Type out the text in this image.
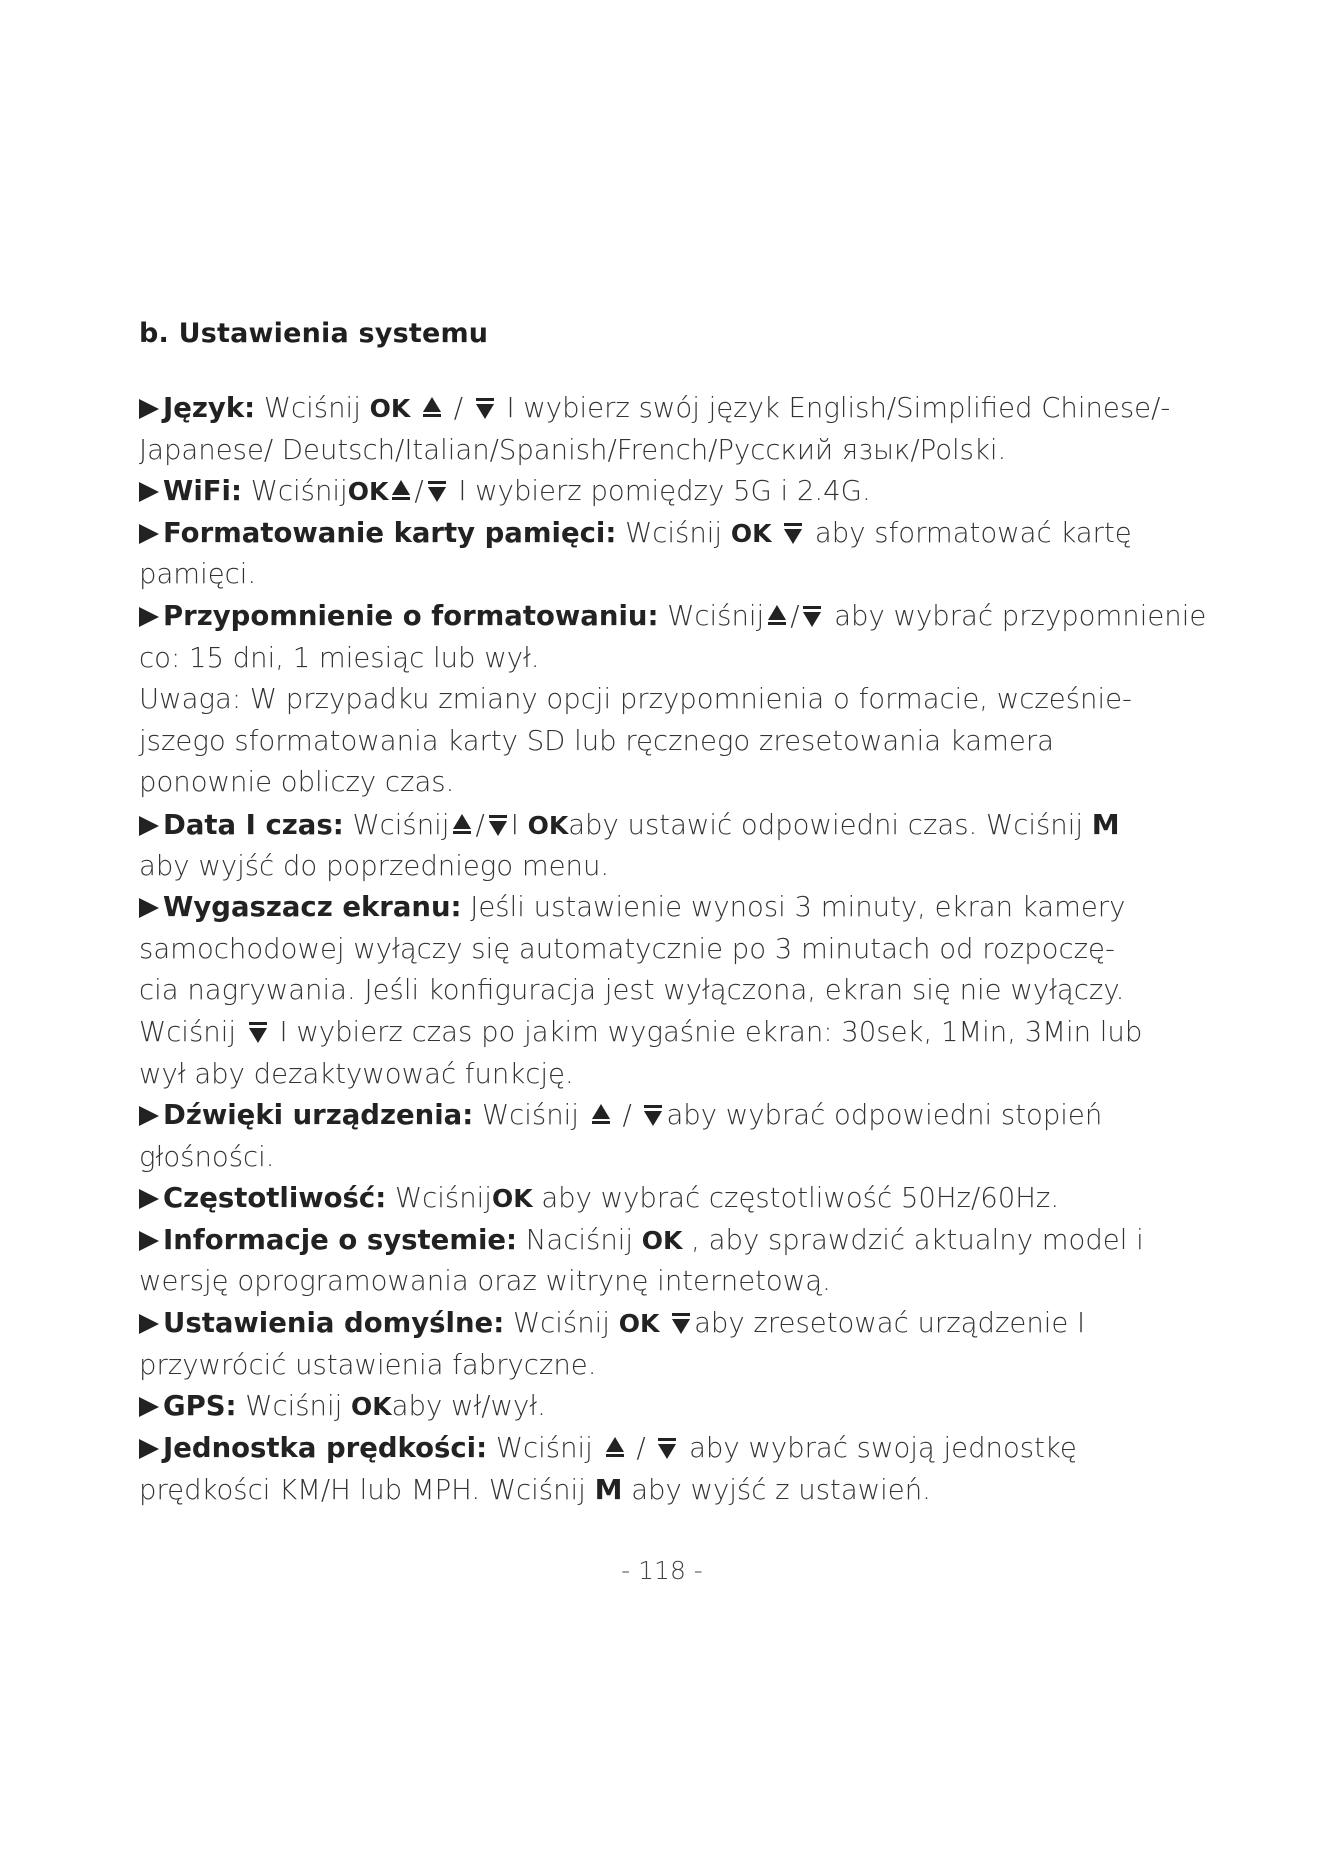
b. Ustawienia systemu
Język: Wciśnij OK  /  I wybierz swój język English/Simplified Chinese/-
Japanese/ Deutsch/Italian/Spanish/French/Русский язык/Polski.
WiFi: WciśnijOK / I wybierz pomiędzy 5G i 2.4G.
Formatowanie karty pamięci: Wciśnij OK  aby sformatować kartę
pamięci.
Przypomnienie o formatowaniu: Wciśnij / aby wybrać przypomnienie
co: 15 dni, 1 miesiąc lub wył.
Uwaga: W przypadku zmiany opcji przypomnienia o formacie, wcześnie-
jszego sformatowania karty SD lub ręcznego zresetowania kamera
ponownie obliczy czas.
Data I czas: Wciśnij / I OKaby ustawić odpowiedni czas. Wciśnij M
aby wyjść do poprzedniego menu.
Wygaszacz ekranu: Jeśli ustawienie wynosi 3 minuty, ekran kamery
samochodowej wyłączy się automatycznie po 3 minutach od rozpoczę-
cia nagrywania. Jeśli konfiguracja jest wyłączona, ekran się nie wyłączy.
Wciśnij  I wybierz czas po jakim wygaśnie ekran: 30sek, 1Min, 3Min lub
wył aby dezaktywować funkcję.
Dźwięki urządzenia: Wciśnij  / aby wybrać odpowiedni stopień
głośności.
Częstotliwość: WciśnijOK aby wybrać częstotliwość 50Hz/60Hz.
Informacje o systemie: Naciśnij OK , aby sprawdzić aktualny model i
wersję oprogramowania oraz witrynę internetową.
Ustawienia domyślne: Wciśnij OK aby zresetować urządzenie I
przywrócić ustawienia fabryczne.
GPS: Wciśnij OKaby wł/wył.
Jednostka prędkości: Wciśnij  /  aby wybrać swoją jednostkę
prędkości KM/H lub MPH. Wciśnij M aby wyjść z ustawień.
- 118 -
